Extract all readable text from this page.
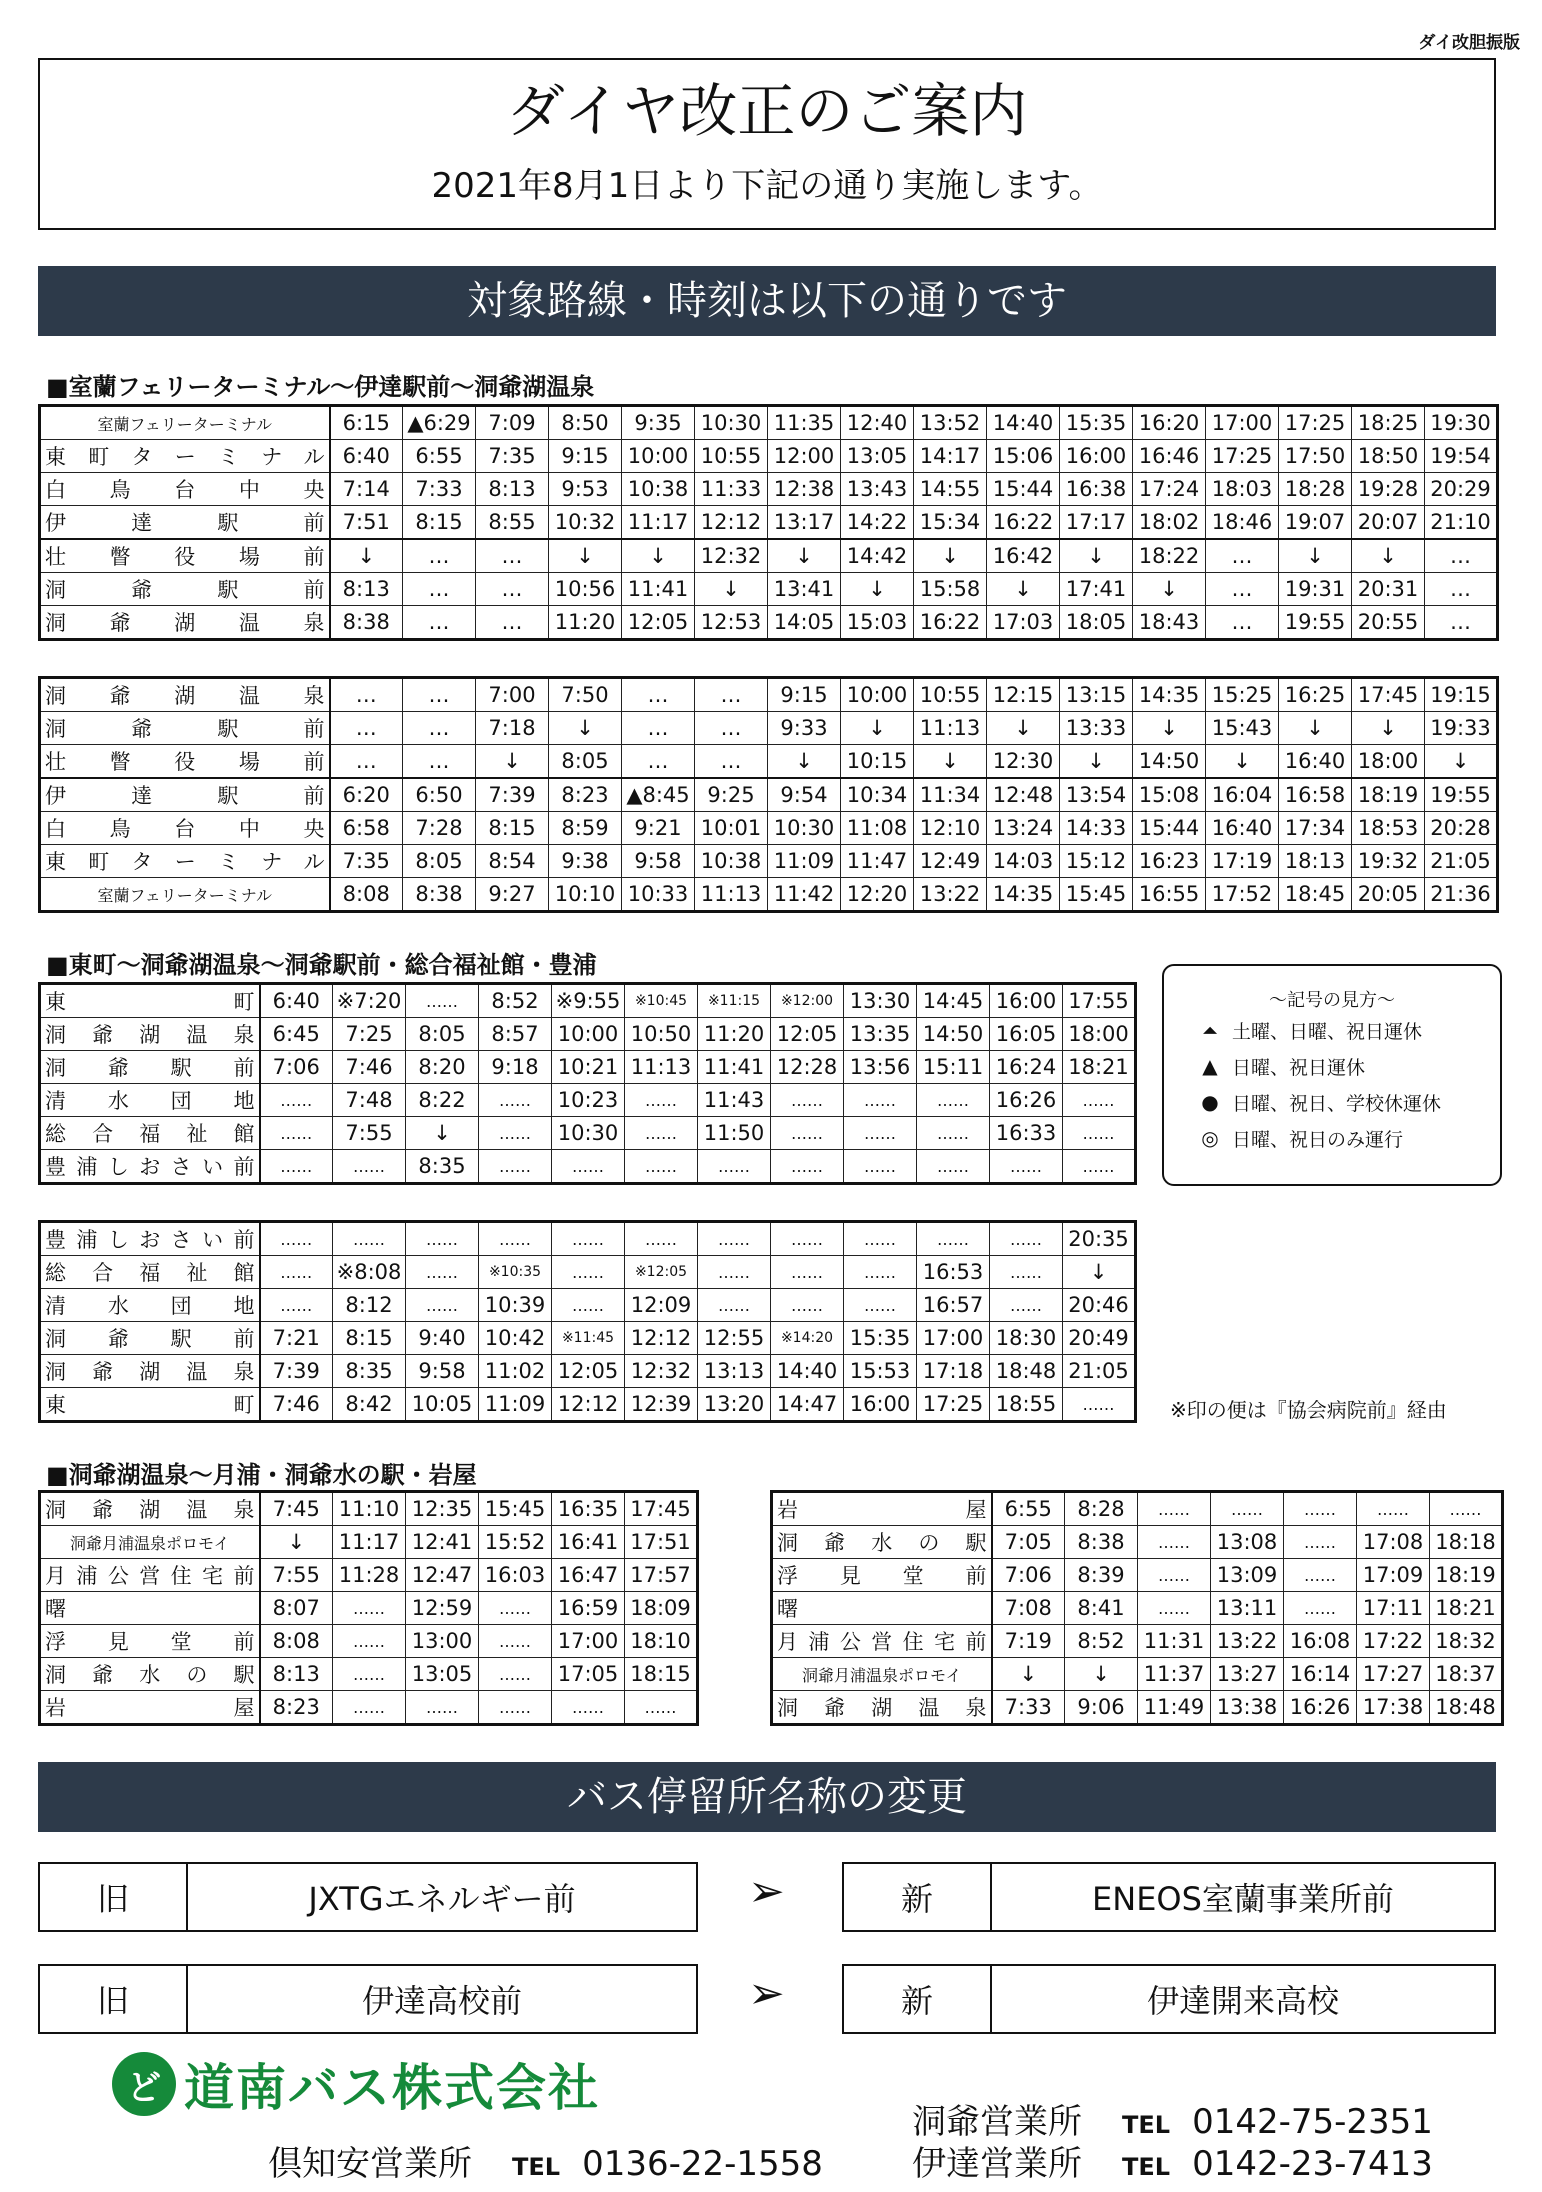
ダイ改胆振版
ダイヤ改正のご案内
2021年8月1日より下記の通り実施します。
対象路線・時刻は以下の通りです
■室蘭フェリーターミナル～伊達駅前～洞爺湖温泉
室蘭フェリーターミナル	6:15	▲6:29	7:09	8:50	9:35	10:30	11:35	12:40	13:52	14:40	15:35	16:20	17:00	17:25	18:25	19:30
東町ターミナル	6:40	6:55	7:35	9:15	10:00	10:55	12:00	13:05	14:17	15:06	16:00	16:46	17:25	17:50	18:50	19:54
白鳥台中央	7:14	7:33	8:13	9:53	10:38	11:33	12:38	13:43	14:55	15:44	16:38	17:24	18:03	18:28	19:28	20:29
伊達駅前	7:51	8:15	8:55	10:32	11:17	12:12	13:17	14:22	15:34	16:22	17:17	18:02	18:46	19:07	20:07	21:10
壮瞥役場前	↓	…	…	↓	↓	12:32	↓	14:42	↓	16:42	↓	18:22	…	↓	↓	…
洞爺駅前	8:13	…	…	10:56	11:41	↓	13:41	↓	15:58	↓	17:41	↓	…	19:31	20:31	…
洞爺湖温泉	8:38	…	…	11:20	12:05	12:53	14:05	15:03	16:22	17:03	18:05	18:43	…	19:55	20:55	…
洞爺湖温泉	…	…	7:00	7:50	…	…	9:15	10:00	10:55	12:15	13:15	14:35	15:25	16:25	17:45	19:15
洞爺駅前	…	…	7:18	↓	…	…	9:33	↓	11:13	↓	13:33	↓	15:43	↓	↓	19:33
壮瞥役場前	…	…	↓	8:05	…	…	↓	10:15	↓	12:30	↓	14:50	↓	16:40	18:00	↓
伊達駅前	6:20	6:50	7:39	8:23	▲8:45	9:25	9:54	10:34	11:34	12:48	13:54	15:08	16:04	16:58	18:19	19:55
白鳥台中央	6:58	7:28	8:15	8:59	9:21	10:01	10:30	11:08	12:10	13:24	14:33	15:44	16:40	17:34	18:53	20:28
東町ターミナル	7:35	8:05	8:54	9:38	9:58	10:38	11:09	11:47	12:49	14:03	15:12	16:23	17:19	18:13	19:32	21:05
室蘭フェリーターミナル	8:08	8:38	9:27	10:10	10:33	11:13	11:42	12:20	13:22	14:35	15:45	16:55	17:52	18:45	20:05	21:36
■東町～洞爺湖温泉～洞爺駅前・総合福祉館・豊浦
東町	6:40	※7:20	……	8:52	※9:55	※10:45	※11:15	※12:00	13:30	14:45	16:00	17:55
洞爺湖温泉	6:45	7:25	8:05	8:57	10:00	10:50	11:20	12:05	13:35	14:50	16:05	18:00
洞爺駅前	7:06	7:46	8:20	9:18	10:21	11:13	11:41	12:28	13:56	15:11	16:24	18:21
清水団地	……	7:48	8:22	……	10:23	……	11:43	……	……	……	16:26	……
総合福祉館	……	7:55	↓	……	10:30	……	11:50	……	……	……	16:33	……
豊浦しおさい前	……	……	8:35	……	……	……	……	……	……	……	……	……
豊浦しおさい前	……	……	……	……	……	……	……	……	……	……	……	20:35
総合福祉館	……	※8:08	……	※10:35	……	※12:05	……	……	……	16:53	……	↓
清水団地	……	8:12	……	10:39	……	12:09	……	……	……	16:57	……	20:46
洞爺駅前	7:21	8:15	9:40	10:42	※11:45	12:12	12:55	※14:20	15:35	17:00	18:30	20:49
洞爺湖温泉	7:39	8:35	9:58	11:02	12:05	12:32	13:13	14:40	15:53	17:18	18:48	21:05
東町	7:46	8:42	10:05	11:09	12:12	12:39	13:20	14:47	16:00	17:25	18:55	……	※印の便は『協会病院前』経由
～記号の見方～
⏶ 土曜、日曜、祝日運休
▲ 日曜、祝日運休
● 日曜、祝日、学校休運休
◎ 日曜、祝日のみ運行
■洞爺湖温泉～月浦・洞爺水の駅・岩屋
洞爺湖温泉	7:45	11:10	12:35	15:45	16:35	17:45
洞爺月浦温泉ポロモイ	↓	11:17	12:41	15:52	16:41	17:51
月浦公営住宅前	7:55	11:28	12:47	16:03	16:47	17:57
曙	8:07	……	12:59	……	16:59	18:09
浮見堂前	8:08	……	13:00	……	17:00	18:10
洞爺水の駅	8:13	……	13:05	……	17:05	18:15
岩屋	8:23	……	……	……	……	……
岩屋	6:55	8:28	……	……	……	……	……
洞爺水の駅	7:05	8:38	……	13:08	……	17:08	18:18
浮見堂前	7:06	8:39	……	13:09	……	17:09	18:19
曙	7:08	8:41	……	13:11	……	17:11	18:21
月浦公営住宅前	7:19	8:52	11:31	13:22	16:08	17:22	18:32
洞爺月浦温泉ポロモイ	↓	↓	11:37	13:27	16:14	17:27	18:37
洞爺湖温泉	7:33	9:06	11:49	13:38	16:26	17:38	18:48
バス停留所名称の変更
旧	JXTGエネルギー前	➢	新	ENEOS室蘭事業所前
旧	伊達高校前	➢	新	伊達開来高校
ど 道南バス株式会社
洞爺営業所 TEL 0142-75-2351
伊達営業所 TEL 0142-23-7413
倶知安営業所 TEL 0136-22-1558
